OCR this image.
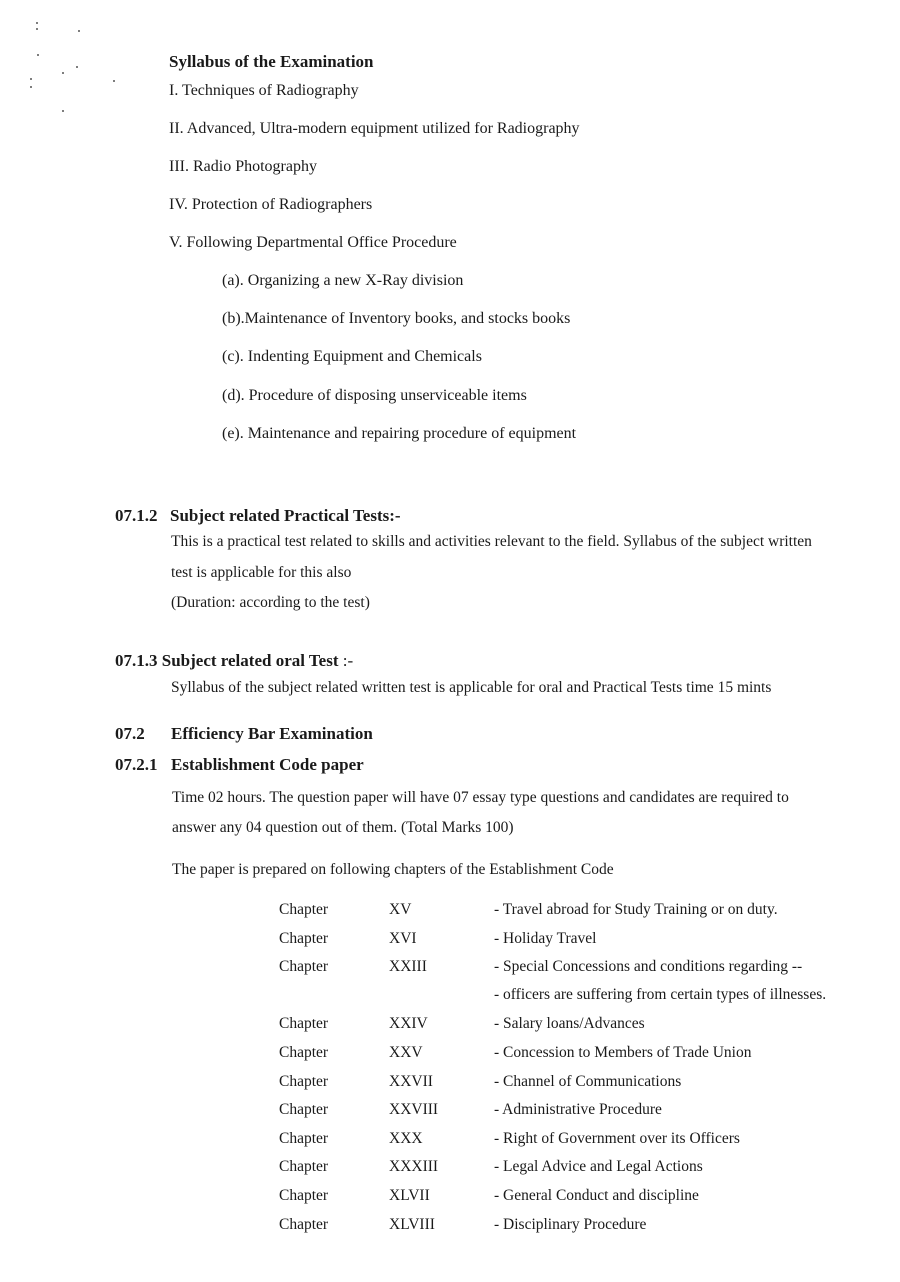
Syllabus of the Examination
I. Techniques of Radiography
II. Advanced, Ultra-modern equipment utilized for Radiography
III. Radio Photography
IV. Protection of Radiographers
V. Following Departmental Office Procedure
(a). Organizing a new X-Ray division
(b).Maintenance of Inventory books, and stocks books
(c). Indenting Equipment and Chemicals
(d). Procedure of disposing unserviceable items
(e). Maintenance and repairing procedure of equipment
07.1.2 Subject related Practical Tests:-
This is a practical test related to skills and activities relevant to the field. Syllabus of the subject written
test is applicable for this also
(Duration: according to the test)
07.1.3 Subject related oral Test :-
Syllabus of the subject related written test is applicable for oral and Practical Tests time 15 mints
07.2 Efficiency Bar Examination
07.2.1 Establishment Code paper
Time 02 hours. The question paper will have 07 essay type questions and candidates are required to
answer any 04 question out of them. (Total Marks 100)
The paper is prepared on following chapters of the Establishment Code
Chapter	XV	- Travel abroad for Study Training or on duty.
Chapter	XVI	- Holiday Travel
Chapter	XXIII	- Special Concessions and conditions regarding --
- officers are suffering from certain types of illnesses.
Chapter	XXIV	- Salary loans/Advances
Chapter	XXV	- Concession to Members of Trade Union
Chapter	XXVII	- Channel of Communications
Chapter	XXVIII	- Administrative Procedure
Chapter	XXX	- Right of Government over its Officers
Chapter	XXXIII	- Legal Advice and Legal Actions
Chapter	XLVII	- General Conduct and discipline
Chapter	XLVIII	- Disciplinary Procedure
